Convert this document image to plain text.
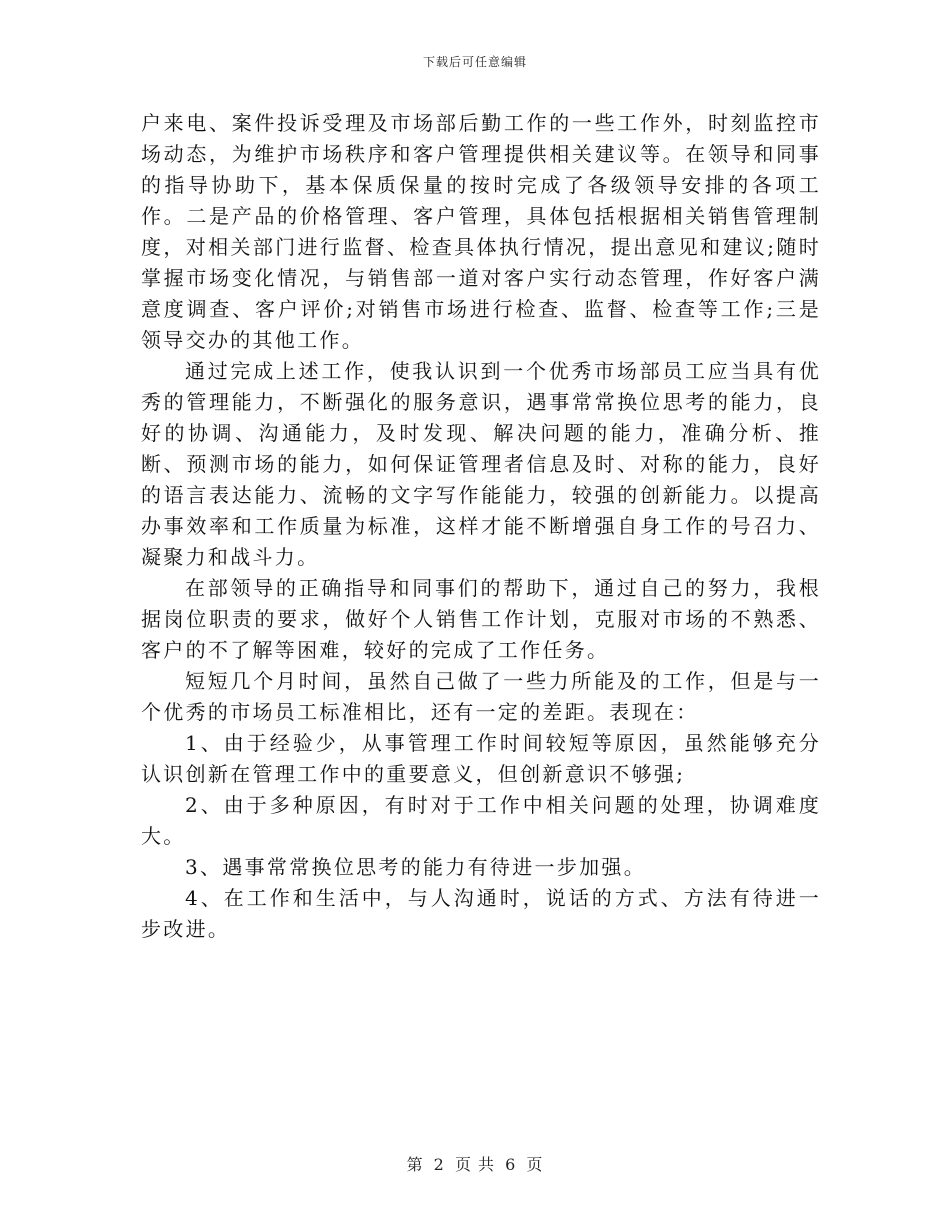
下载后可任意编辑

户来电、案件投诉受理及市场部后勤工作的一些工作外，时刻监控市场动态，为维护市场秩序和客户管理提供相关建议等。在领导和同事的指导协助下，基本保质保量的按时完成了各级领导安排的各项工作。二是产品的价格管理、客户管理，具体包括根据相关销售管理制度，对相关部门进行监督、检查具体执行情况，提出意见和建议;随时掌握市场变化情况，与销售部一道对客户实行动态管理，作好客户满意度调查、客户评价;对销售市场进行检查、监督、检查等工作;三是领导交办的其他工作。

通过完成上述工作，使我认识到一个优秀市场部员工应当具有优秀的管理能力，不断强化的服务意识，遇事常常换位思考的能力，良好的协调、沟通能力，及时发现、解决问题的能力，准确分析、推断、预测市场的能力，如何保证管理者信息及时、对称的能力，良好的语言表达能力、流畅的文字写作能能力，较强的创新能力。以提高办事效率和工作质量为标准，这样才能不断增强自身工作的号召力、凝聚力和战斗力。

在部领导的正确指导和同事们的帮助下，通过自己的努力，我根据岗位职责的要求，做好个人销售工作计划，克服对市场的不熟悉、客户的不了解等困难，较好的完成了工作任务。

短短几个月时间，虽然自己做了一些力所能及的工作，但是与一个优秀的市场员工标准相比，还有一定的差距。表现在：

1、由于经验少，从事管理工作时间较短等原因，虽然能够充分认识创新在管理工作中的重要意义，但创新意识不够强;

2、由于多种原因，有时对于工作中相关问题的处理，协调难度大。

3、遇事常常换位思考的能力有待进一步加强。

4、在工作和生活中，与人沟通时，说话的方式、方法有待进一步改进。

第 2 页 共 6 页
